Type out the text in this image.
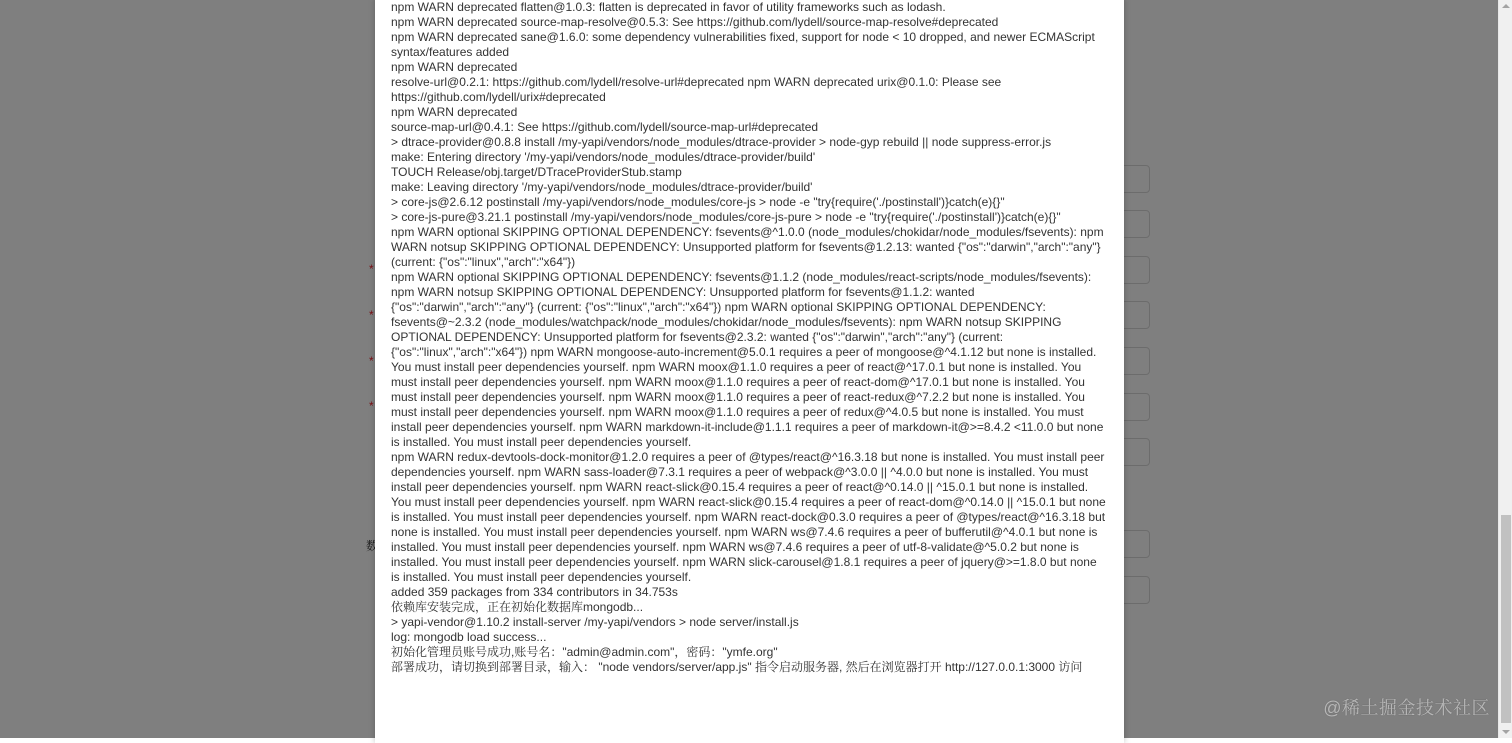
npm WARN deprecated flatten@1.0.3: flatten is deprecated in favor of utility frameworks such as lodash.
npm WARN deprecated source-map-resolve@0.5.3: See https://github.com/lydell/source-map-resolve#deprecated
npm WARN deprecated sane@1.6.0: some dependency vulnerabilities fixed, support for node < 10 dropped, and newer ECMAScript syntax/features added
npm WARN deprecated
resolve-url@0.2.1: https://github.com/lydell/resolve-url#deprecated npm WARN deprecated urix@0.1.0: Please see https://github.com/lydell/urix#deprecated
npm WARN deprecated
source-map-url@0.4.1: See https://github.com/lydell/source-map-url#deprecated
> dtrace-provider@0.8.8 install /my-yapi/vendors/node_modules/dtrace-provider > node-gyp rebuild || node suppress-error.js
make: Entering directory '/my-yapi/vendors/node_modules/dtrace-provider/build'
TOUCH Release/obj.target/DTraceProviderStub.stamp
make: Leaving directory '/my-yapi/vendors/node_modules/dtrace-provider/build'
> core-js@2.6.12 postinstall /my-yapi/vendors/node_modules/core-js > node -e "try{require('./postinstall')}catch(e){}"
> core-js-pure@3.21.1 postinstall /my-yapi/vendors/node_modules/core-js-pure > node -e "try{require('./postinstall')}catch(e){}"
npm WARN optional SKIPPING OPTIONAL DEPENDENCY: fsevents@^1.0.0 (node_modules/chokidar/node_modules/fsevents): npm WARN notsup SKIPPING OPTIONAL DEPENDENCY: Unsupported platform for fsevents@1.2.13: wanted {"os":"darwin","arch":"any"} (current: {"os":"linux","arch":"x64"})
npm WARN optional SKIPPING OPTIONAL DEPENDENCY: fsevents@1.1.2 (node_modules/react-scripts/node_modules/fsevents): npm WARN notsup SKIPPING OPTIONAL DEPENDENCY: Unsupported platform for fsevents@1.1.2: wanted {"os":"darwin","arch":"any"} (current: {"os":"linux","arch":"x64"}) npm WARN optional SKIPPING OPTIONAL DEPENDENCY: fsevents@~2.3.2 (node_modules/watchpack/node_modules/chokidar/node_modules/fsevents): npm WARN notsup SKIPPING OPTIONAL DEPENDENCY: Unsupported platform for fsevents@2.3.2: wanted {"os":"darwin","arch":"any"} (current: {"os":"linux","arch":"x64"}) npm WARN mongoose-auto-increment@5.0.1 requires a peer of mongoose@^4.1.12 but none is installed. You must install peer dependencies yourself. npm WARN moox@1.1.0 requires a peer of react@^17.0.1 but none is installed. You must install peer dependencies yourself. npm WARN moox@1.1.0 requires a peer of react-dom@^17.0.1 but none is installed. You must install peer dependencies yourself. npm WARN moox@1.1.0 requires a peer of react-redux@^7.2.2 but none is installed. You must install peer dependencies yourself. npm WARN moox@1.1.0 requires a peer of redux@^4.0.5 but none is installed. You must install peer dependencies yourself. npm WARN markdown-it-include@1.1.1 requires a peer of markdown-it@>=8.4.2 <11.0.0 but none is installed. You must install peer dependencies yourself.
npm WARN redux-devtools-dock-monitor@1.2.0 requires a peer of @types/react@^16.3.18 but none is installed. You must install peer dependencies yourself. npm WARN sass-loader@7.3.1 requires a peer of webpack@^3.0.0 || ^4.0.0 but none is installed. You must install peer dependencies yourself. npm WARN react-slick@0.15.4 requires a peer of react@^0.14.0 || ^15.0.1 but none is installed. You must install peer dependencies yourself. npm WARN react-slick@0.15.4 requires a peer of react-dom@^0.14.0 || ^15.0.1 but none is installed. You must install peer dependencies yourself. npm WARN react-dock@0.3.0 requires a peer of @types/react@^16.3.18 but none is installed. You must install peer dependencies yourself. npm WARN ws@7.4.6 requires a peer of bufferutil@^4.0.1 but none is installed. You must install peer dependencies yourself. npm WARN ws@7.4.6 requires a peer of utf-8-validate@^5.0.2 but none is installed. You must install peer dependencies yourself. npm WARN slick-carousel@1.8.1 requires a peer of jquery@>=1.8.0 but none is installed. You must install peer dependencies yourself.
added 359 packages from 334 contributors in 34.753s
依赖库安装完成，正在初始化数据库mongodb...
> yapi-vendor@1.10.2 install-server /my-yapi/vendors > node server/install.js
log: mongodb load success...
初始化管理员账号成功,账号名："admin@admin.com"，密码："ymfe.org"
部署成功，请切换到部署目录，输入： "node vendors/server/app.js" 指令启动服务器, 然后在浏览器打开 http://127.0.0.1:3000 访问
@稀土掘金技术社区
